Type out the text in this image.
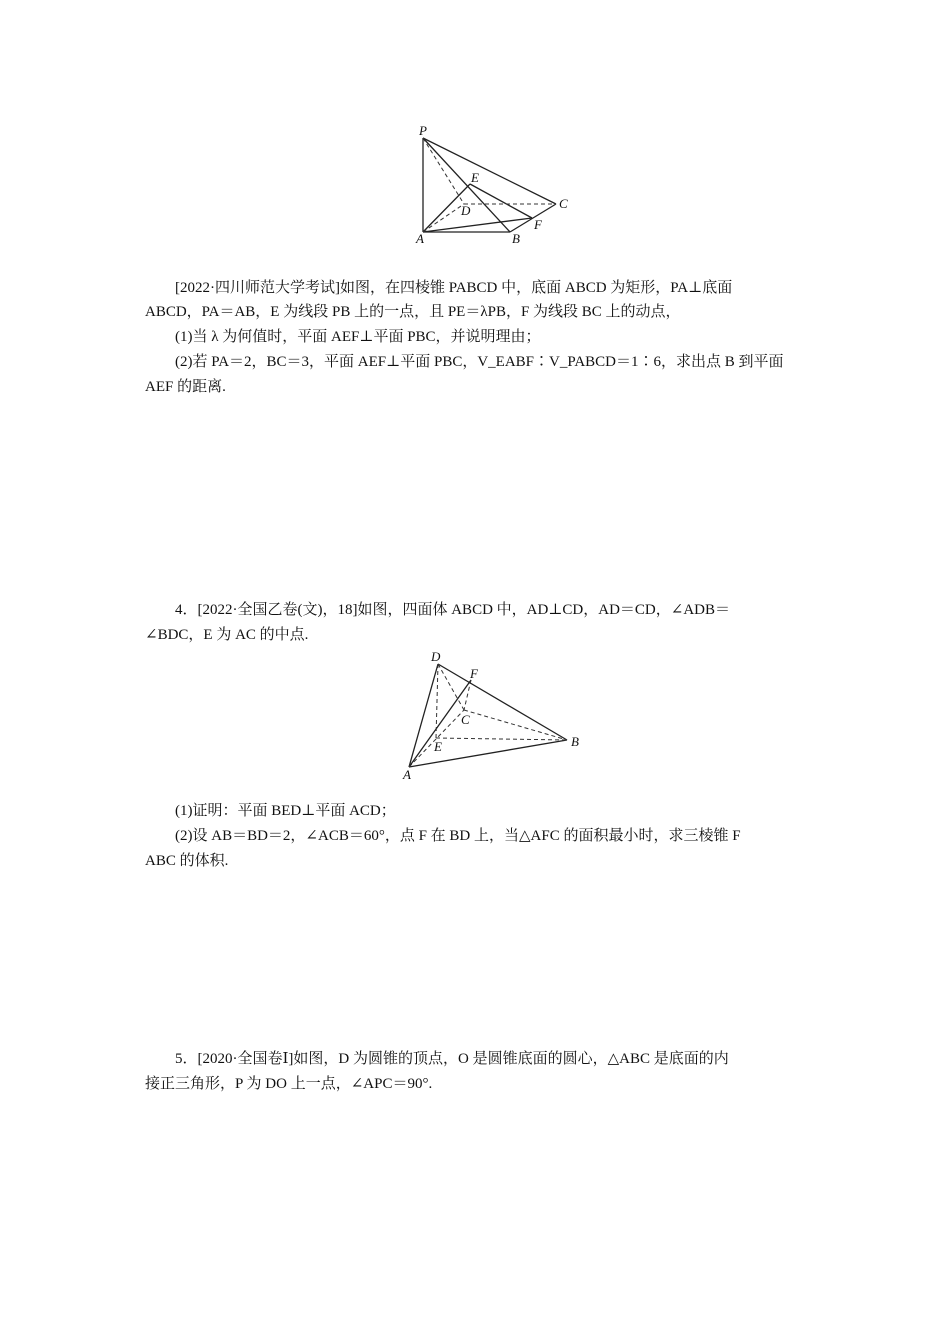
P
E
D	C
A	B
F
[2022·四川师范大学考试]如图，在四棱锥 PABCD 中，底面 ABCD 为矩形，PA⊥底面
ABCD，PA＝AB，E 为线段 PB 上的一点，且 PE＝λPB，F 为线段 BC 上的动点，
(1)当 λ 为何值时，平面 AEF⊥平面 PBC，并说明理由；
(2)若 PA＝2，BC＝3，平面 AEF⊥平面 PBC，V_EABF∶V_PABCD＝1∶6，求出点 B 到平面
AEF 的距离.
4．[2022·全国乙卷(文)，18]如图，四面体 ABCD 中，AD⊥CD，AD＝CD，∠ADB＝
∠BDC，E 为 AC 的中点.
D
F
C
E	B
A
(1)证明：平面 BED⊥平面 ACD；
(2)设 AB＝BD＝2，∠ACB＝60°，点 F 在 BD 上，当△AFC 的面积最小时，求三棱锥 F
ABC 的体积.
5．[2020·全国卷Ⅰ]如图，D 为圆锥的顶点，O 是圆锥底面的圆心，△ABC 是底面的内
接正三角形，P 为 DO 上一点，∠APC＝90°.
